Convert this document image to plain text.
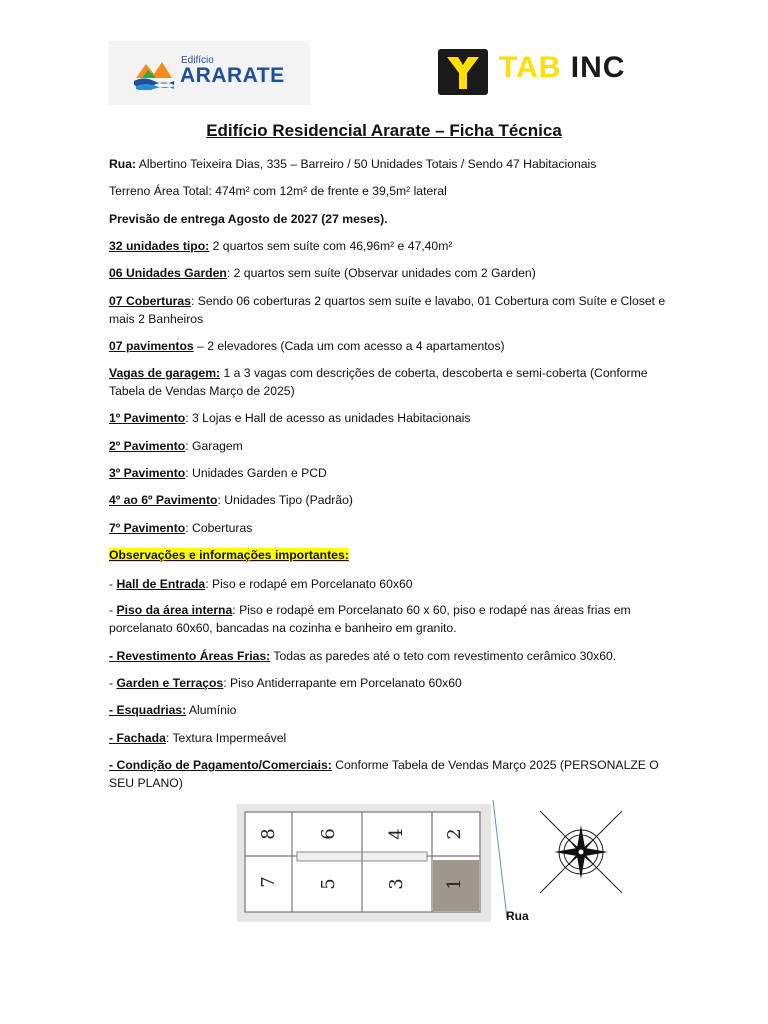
Edifício
ARARATE	TAB INC
Edifício Residencial Ararate – Ficha Técnica
Rua: Albertino Teixeira Dias, 335 – Barreiro / 50 Unidades Totais / Sendo 47 Habitacionais
Terreno Área Total: 474m² com 12m² de frente e 39,5m² lateral
Previsão de entrega Agosto de 2027 (27 meses).
32 unidades tipo: 2 quartos sem suíte com 46,96m² e 47,40m²
06 Unidades Garden: 2 quartos sem suíte (Observar unidades com 2 Garden)
07 Coberturas: Sendo 06 coberturas 2 quartos sem suíte e lavabo, 01 Cobertura com Suíte e Closet e mais 2 Banheiros
07 pavimentos – 2 elevadores (Cada um com acesso a 4 apartamentos)
Vagas de garagem: 1 a 3 vagas com descrições de coberta, descoberta e semi-coberta (Conforme Tabela de Vendas Março de 2025)
1º Pavimento: 3 Lojas e Hall de acesso as unidades Habitacionais
2º Pavimento: Garagem
3º Pavimento: Unidades Garden e PCD
4º ao 6º Pavimento: Unidades Tipo (Padrão)
7º Pavimento: Coberturas
Observações e informações importantes:
- Hall de Entrada: Piso e rodapé em Porcelanato 60x60
- Piso da área interna: Piso e rodapé em Porcelanato 60 x 60, piso e rodapé nas áreas frias em porcelanato 60x60, bancadas na cozinha e banheiro em granito.
- Revestimento Áreas Frias: Todas as paredes até o teto com revestimento cerâmico 30x60.
- Garden e Terraços: Piso Antiderrapante em Porcelanato 60x60
- Esquadrias: Alumínio
- Fachada: Textura Impermeável
- Condição de Pagamento/Comerciais: Conforme Tabela de Vendas Março 2025 (PERSONALZE O SEU PLANO)
8 6	4 2
7 5	3 1
Rua
